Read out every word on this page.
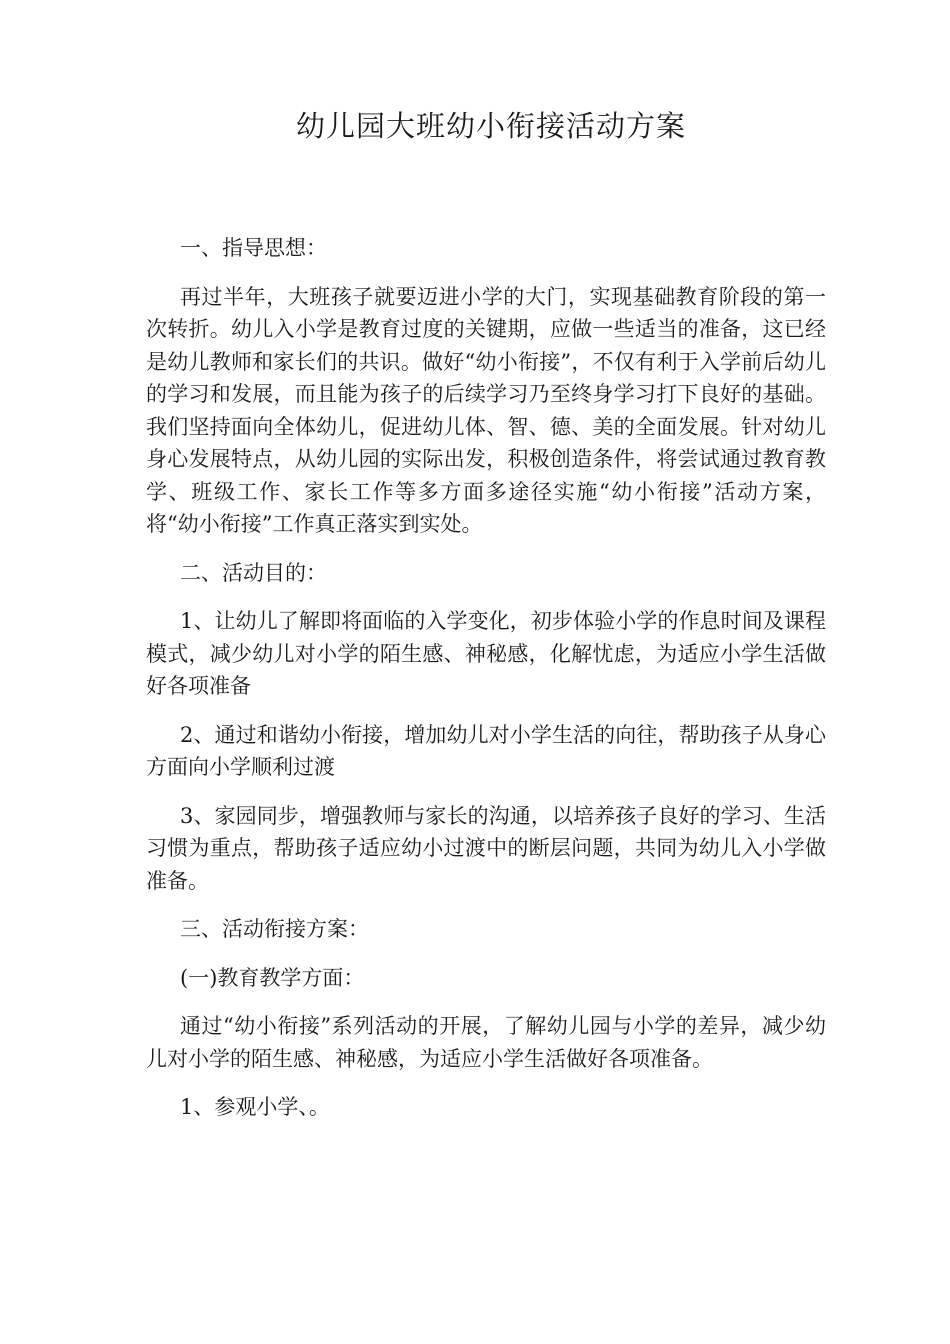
幼儿园大班幼小衔接活动方案

一、指导思想：

再过半年，大班孩子就要迈进小学的大门，实现基础教育阶段的第一次转折。幼儿入小学是教育过度的关键期，应做一些适当的准备，这已经是幼儿教师和家长们的共识。做好“幼小衔接”，不仅有利于入学前后幼儿的学习和发展，而且能为孩子的后续学习乃至终身学习打下良好的基础。我们坚持面向全体幼儿，促进幼儿体、智、德、美的全面发展。针对幼儿身心发展特点，从幼儿园的实际出发，积极创造条件，将尝试通过教育教学、班级工作、家长工作等多方面多途径实施“幼小衔接”活动方案，将“幼小衔接”工作真正落实到实处。

二、活动目的：

1、让幼儿了解即将面临的入学变化，初步体验小学的作息时间及课程模式，减少幼儿对小学的陌生感、神秘感，化解忧虑，为适应小学生活做好各项准备

2、通过和谐幼小衔接，增加幼儿对小学生活的向往，帮助孩子从身心方面向小学顺利过渡

3、家园同步，增强教师与家长的沟通，以培养孩子良好的学习、生活习惯为重点，帮助孩子适应幼小过渡中的断层问题，共同为幼儿入小学做准备。

三、活动衔接方案：

(一)教育教学方面：

通过“幼小衔接”系列活动的开展，了解幼儿园与小学的差异，减少幼儿对小学的陌生感、神秘感，为适应小学生活做好各项准备。

1、参观小学、。
